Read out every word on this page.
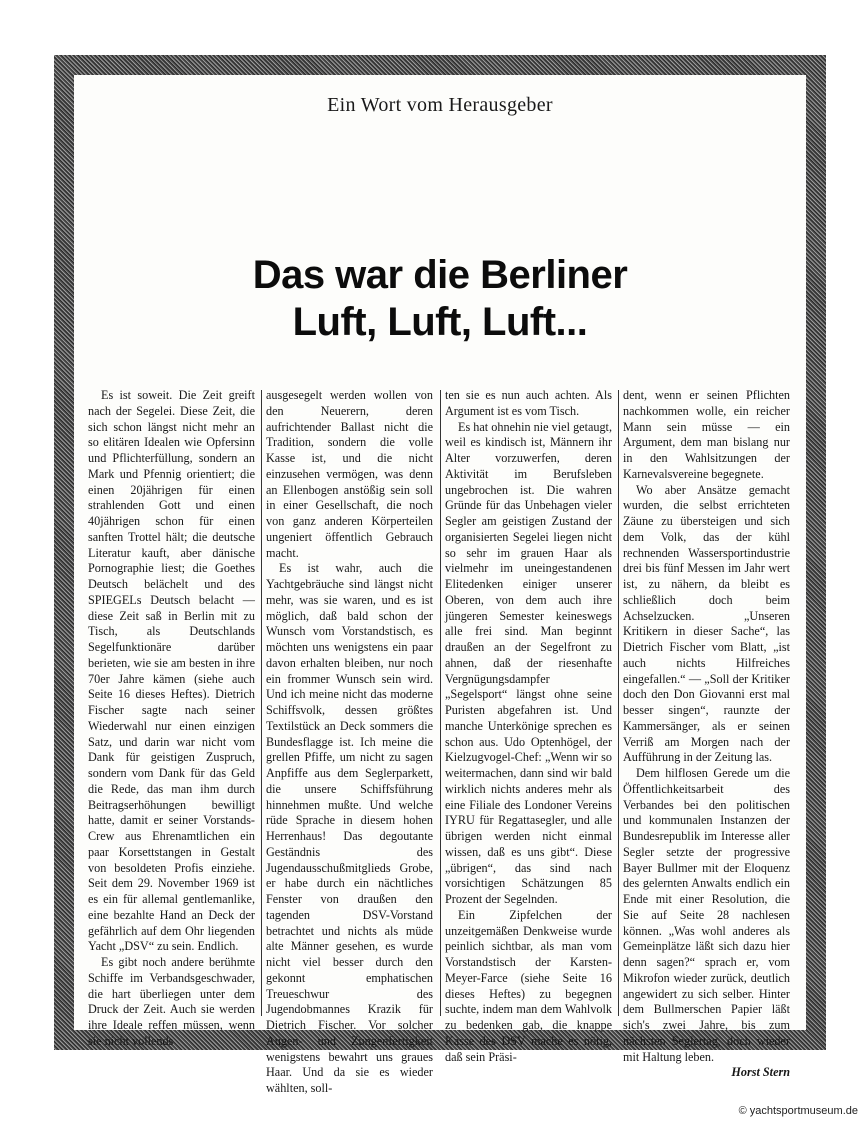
Ein Wort vom Herausgeber
Das war die Berliner
Luft, Luft, Luft...

Es ist soweit. Die Zeit greift nach der Segelei. Diese Zeit, die sich schon längst nicht mehr an so elitären Idealen wie Opfersinn und Pflichterfüllung, sondern an Mark und Pfennig orientiert; die einen 20jährigen für einen strahlenden Gott und einen 40jährigen schon für einen sanften Trottel hält; die deutsche Literatur kauft, aber dänische Pornographie liest; die Goethes Deutsch belächelt und des SPIEGELs Deutsch belacht — diese Zeit saß in Berlin mit zu Tisch, als Deutschlands Segelfunktionäre darüber berieten, wie sie am besten in ihre 70er Jahre kämen (siehe auch Seite 16 dieses Heftes). Dietrich Fischer sagte nach seiner Wiederwahl nur einen einzigen Satz, und darin war nicht vom Dank für geistigen Zuspruch, sondern vom Dank für das Geld die Rede, das man ihm durch Beitragserhöhungen bewilligt hatte, damit er seiner Vorstands-Crew aus Ehrenamtlichen ein paar Korsettstangen in Gestalt von besoldeten Profis einziehe. Seit dem 29. November 1969 ist es ein für allemal gentlemanlike, eine bezahlte Hand an Deck der gefährlich auf dem Ohr liegenden Yacht „DSV“ zu sein. Endlich.

Es gibt noch andere berühmte Schiffe im Verbandsgeschwader, die hart überliegen unter dem Druck der Zeit. Auch sie werden ihre Ideale reffen müssen, wenn sie nicht vollends

ausgesegelt werden wollen von den Neuerern, deren aufrichtender Ballast nicht die Tradition, sondern die volle Kasse ist, und die nicht einzusehen vermögen, was denn an Ellenbogen anstößig sein soll in einer Gesellschaft, die noch von ganz anderen Körperteilen ungeniert öffentlich Gebrauch macht.

Es ist wahr, auch die Yachtgebräuche sind längst nicht mehr, was sie waren, und es ist möglich, daß bald schon der Wunsch vom Vorstandstisch, es möchten uns wenigstens ein paar davon erhalten bleiben, nur noch ein frommer Wunsch sein wird. Und ich meine nicht das moderne Schiffsvolk, dessen größtes Textilstück an Deck sommers die Bundesflagge ist. Ich meine die grellen Pfiffe, um nicht zu sagen Anpfiffe aus dem Seglerparkett, die unsere Schiffsführung hinnehmen mußte. Und welche rüde Sprache in diesem hohen Herrenhaus! Das degoutante Geständnis des Jugendausschußmitglieds Grobe, er habe durch ein nächtliches Fenster von draußen den tagenden DSV-Vorstand betrachtet und nichts als müde alte Männer gesehen, es wurde nicht viel besser durch den gekonnt emphatischen Treueschwur des Jugendobmannes Krazik für Dietrich Fischer. Vor solcher Augen- und Zungenfertigkeit wenigstens bewahrt uns graues Haar. Und da sie es wieder wählten, soll-

ten sie es nun auch achten. Als Argument ist es vom Tisch.

Es hat ohnehin nie viel getaugt, weil es kindisch ist, Männern ihr Alter vorzuwerfen, deren Aktivität im Berufsleben ungebrochen ist. Die wahren Gründe für das Unbehagen vieler Segler am geistigen Zustand der organisierten Segelei liegen nicht so sehr im grauen Haar als vielmehr im uneingestandenen Elitedenken einiger unserer Oberen, von dem auch ihre jüngeren Semester keineswegs alle frei sind. Man beginnt draußen an der Segelfront zu ahnen, daß der riesenhafte Vergnügungsdampfer „Segelsport“ längst ohne seine Puristen abgefahren ist. Und manche Unterkönige sprechen es schon aus. Udo Optenhögel, der Kielzugvogel-Chef: „Wenn wir so weitermachen, dann sind wir bald wirklich nichts anderes mehr als eine Filiale des Londoner Vereins IYRU für Regattasegler, und alle übrigen werden nicht einmal wissen, daß es uns gibt“. Diese „übrigen“, das sind nach vorsichtigen Schätzungen 85 Prozent der Segelnden.

Ein Zipfelchen der unzeitgemäßen Denkweise wurde peinlich sichtbar, als man vom Vorstandstisch der Karsten-Meyer-Farce (siehe Seite 16 dieses Heftes) zu begegnen suchte, indem man dem Wahlvolk zu bedenken gab, die knappe Kasse des DSV mache es nötig, daß sein Präsi-

dent, wenn er seinen Pflichten nachkommen wolle, ein reicher Mann sein müsse — ein Argument, dem man bislang nur in den Wahlsitzungen der Karnevalsvereine begegnete.

Wo aber Ansätze gemacht wurden, die selbst errichteten Zäune zu übersteigen und sich dem Volk, das der kühl rechnenden Wassersportindustrie drei bis fünf Messen im Jahr wert ist, zu nähern, da bleibt es schließlich doch beim Achselzucken. „Unseren Kritikern in dieser Sache“, las Dietrich Fischer vom Blatt, „ist auch nichts Hilfreiches eingefallen.“ — „Soll der Kritiker doch den Don Giovanni erst mal besser singen“, raunzte der Kammersänger, als er seinen Verriß am Morgen nach der Aufführung in der Zeitung las.

Dem hilflosen Gerede um die Öffentlichkeitsarbeit des Verbandes bei den politischen und kommunalen Instanzen der Bundesrepublik im Interesse aller Segler setzte der progressive Bayer Bullmer mit der Eloquenz des gelernten Anwalts endlich ein Ende mit einer Resolution, die Sie auf Seite 28 nachlesen können. „Was wohl anderes als Gemeinplätze läßt sich dazu hier denn sagen?“ sprach er, vom Mikrofon wieder zurück, deutlich angewidert zu sich selber. Hinter dem Bullmerschen Papier läßt sich's zwei Jahre, bis zum nächsten Seglertag, doch wieder mit Haltung leben.

Horst Stern

© yachtsportmuseum.de
